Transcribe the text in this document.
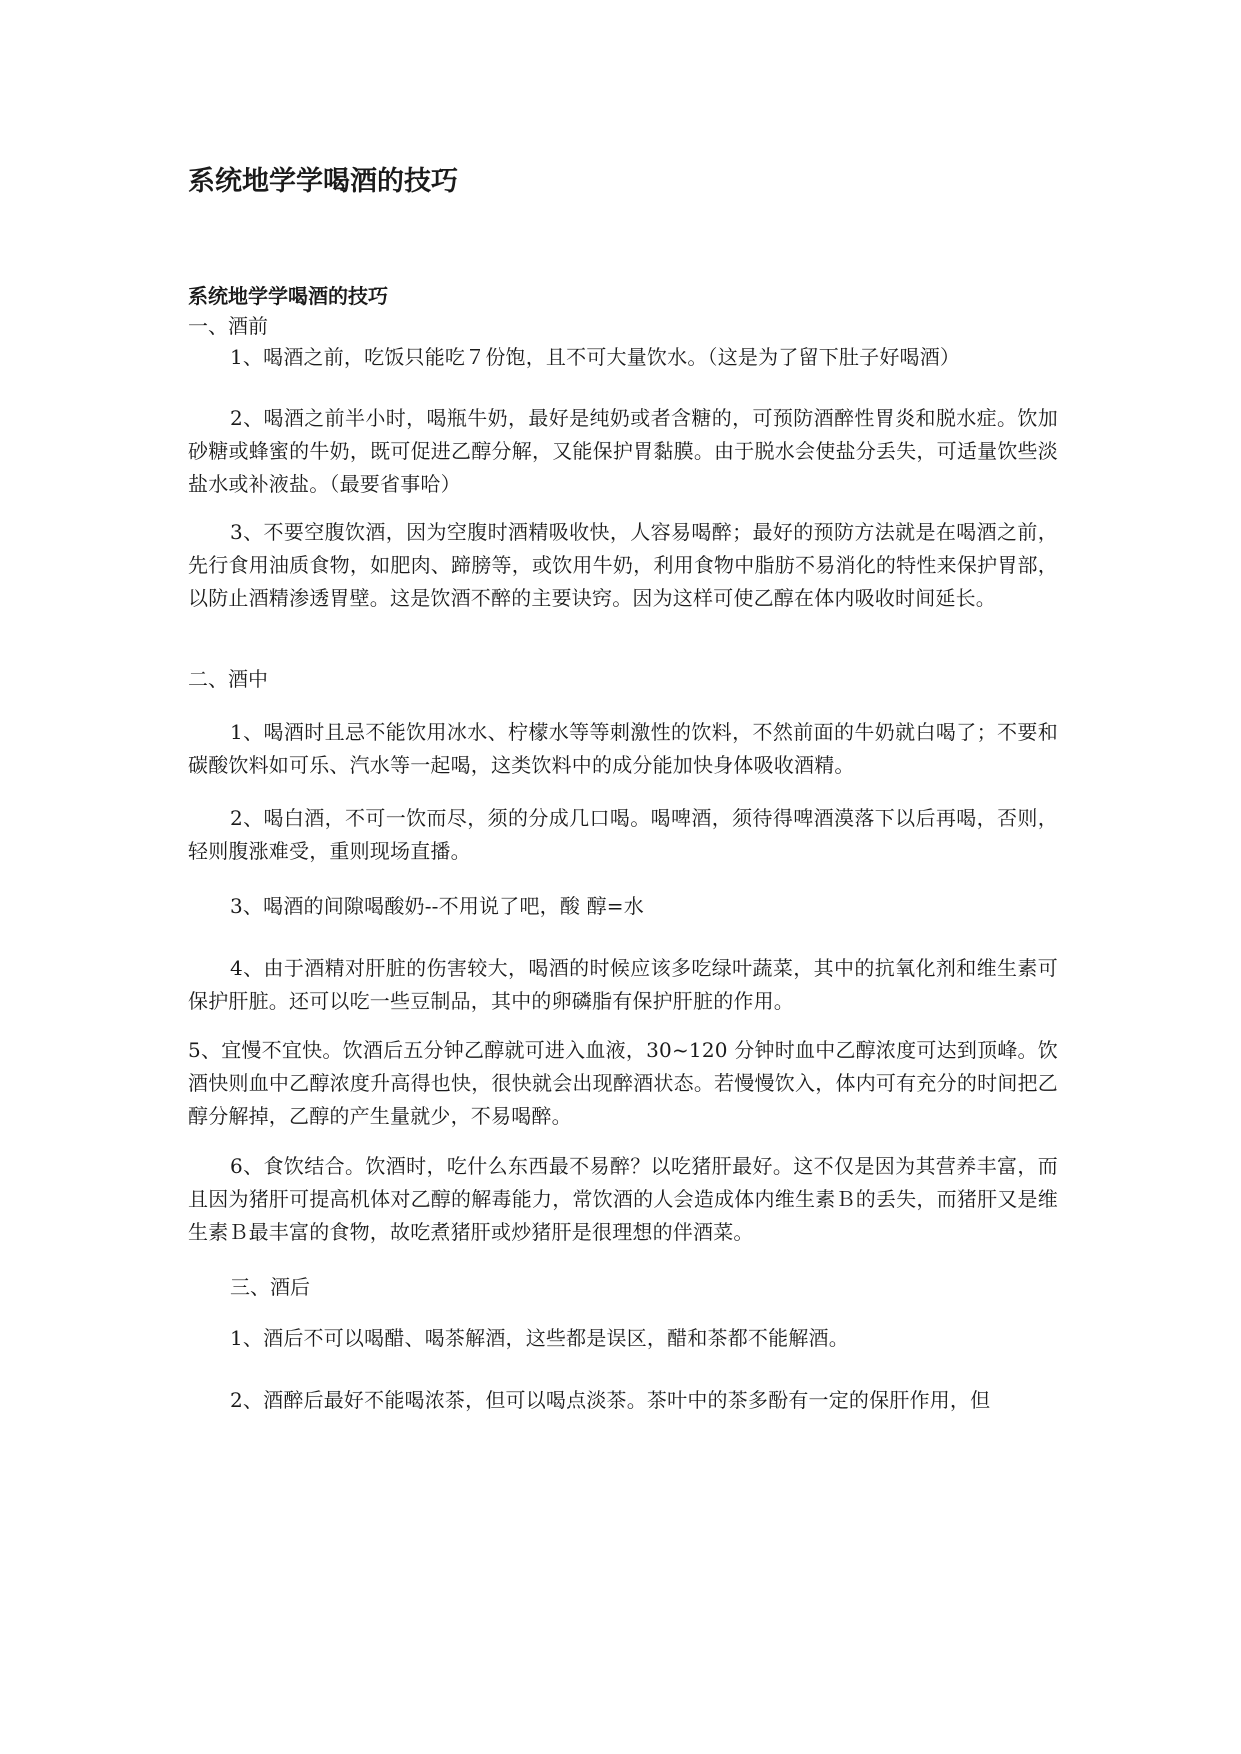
系统地学学喝酒的技巧
系统地学学喝酒的技巧

一、酒前

1、喝酒之前，吃饭只能吃７份饱，且不可大量饮水。（这是为了留下肚子好喝酒）

2、喝酒之前半小时，喝瓶牛奶，最好是纯奶或者含糖的，可预防酒醉性胃炎和脱水症。饮加砂糖或蜂蜜的牛奶，既可促进乙醇分解，又能保护胃黏膜。由于脱水会使盐分丢失，可适量饮些淡盐水或补液盐。（最要省事哈）

3、不要空腹饮酒，因为空腹时酒精吸收快，人容易喝醉；最好的预防方法就是在喝酒之前，先行食用油质食物，如肥肉、蹄膀等，或饮用牛奶，利用食物中脂肪不易消化的特性来保护胃部，以防止酒精渗透胃壁。这是饮酒不醉的主要诀窍。因为这样可使乙醇在体内吸收时间延长。

二、酒中

1、喝酒时且忌不能饮用冰水、柠檬水等等刺激性的饮料，不然前面的牛奶就白喝了；不要和碳酸饮料如可乐、汽水等一起喝，这类饮料中的成分能加快身体吸收酒精。

2、喝白酒，不可一饮而尽，须的分成几口喝。喝啤酒，须待得啤酒漠落下以后再喝，否则，轻则腹涨难受，重则现场直播。

3、喝酒的间隙喝酸奶--不用说了吧，酸 醇=水

4、由于酒精对肝脏的伤害较大，喝酒的时候应该多吃绿叶蔬菜，其中的抗氧化剂和维生素可保护肝脏。还可以吃一些豆制品，其中的卵磷脂有保护肝脏的作用。

5、宜慢不宜快。饮酒后五分钟乙醇就可进入血液，30~120 分钟时血中乙醇浓度可达到顶峰。饮酒快则血中乙醇浓度升高得也快，很快就会出现醉酒状态。若慢慢饮入，体内可有充分的时间把乙醇分解掉，乙醇的产生量就少，不易喝醉。

6、食饮结合。饮酒时，吃什么东西最不易醉？以吃猪肝最好。这不仅是因为其营养丰富，而且因为猪肝可提高机体对乙醇的解毒能力，常饮酒的人会造成体内维生素Ｂ的丢失，而猪肝又是维生素Ｂ最丰富的食物，故吃煮猪肝或炒猪肝是很理想的伴酒菜。

三、酒后

1、酒后不可以喝醋、喝茶解酒，这些都是误区，醋和茶都不能解酒。

2、酒醉后最好不能喝浓茶，但可以喝点淡茶。茶叶中的茶多酚有一定的保肝作用，但
